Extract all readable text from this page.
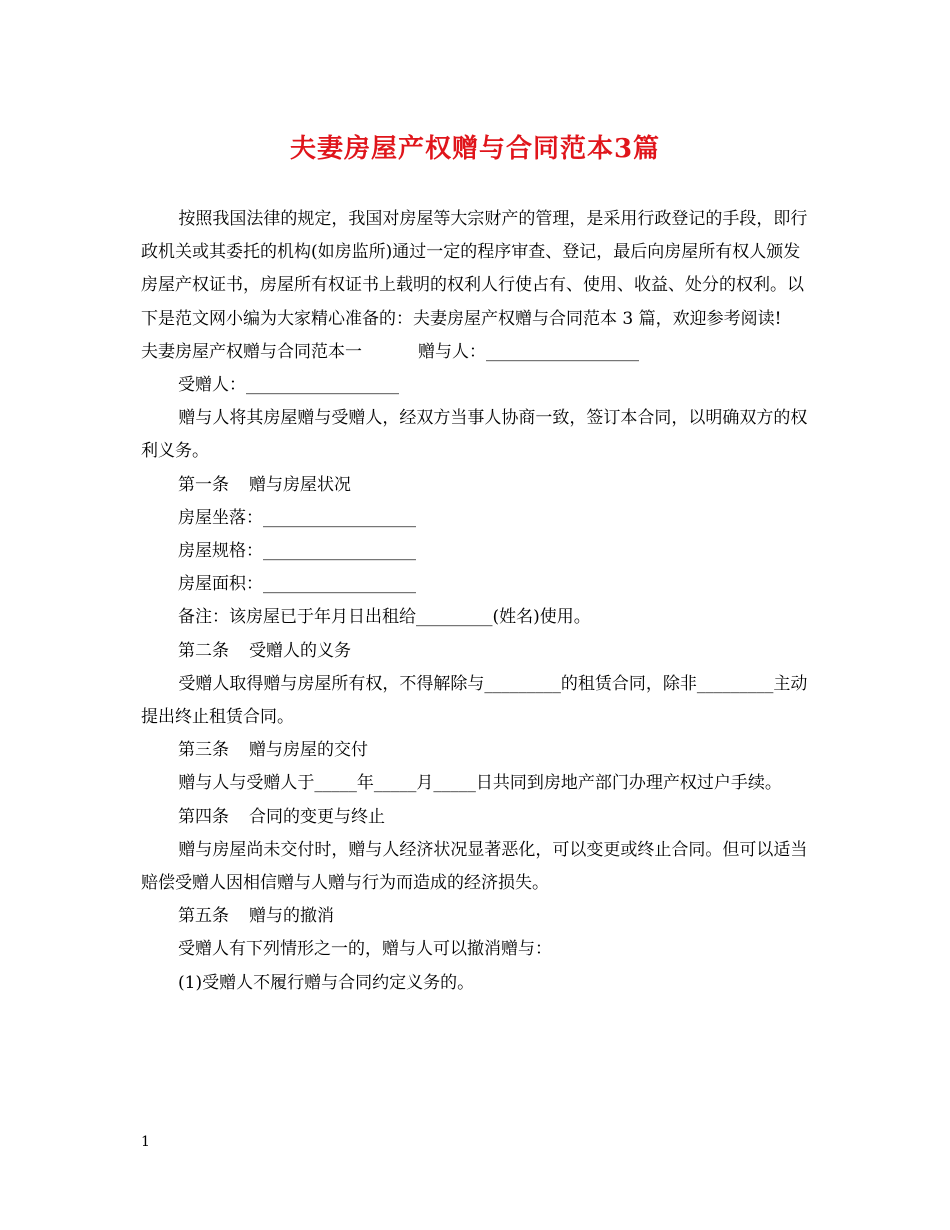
夫妻房屋产权赠与合同范本3篇

按照我国法律的规定，我国对房屋等大宗财产的管理，是采用行政登记的手段，即行政机关或其委托的机构(如房监所)通过一定的程序审查、登记，最后向房屋所有权人颁发房屋产权证书，房屋所有权证书上载明的权利人行使占有、使用、收益、处分的权利。以下是范文网小编为大家精心准备的：夫妻房屋产权赠与合同范本 3 篇，欢迎参考阅读!

夫妻房屋产权赠与合同范本一	赠与人：__________________

受赠人：__________________

赠与人将其房屋赠与受赠人，经双方当事人协商一致，签订本合同，以明确双方的权利义务。

第一条 赠与房屋状况

房屋坐落：__________________

房屋规格：__________________

房屋面积：__________________

备注：该房屋已于年月日出租给_________(姓名)使用。

第二条 受赠人的义务

受赠人取得赠与房屋所有权，不得解除与_________的租赁合同，除非_________主动提出终止租赁合同。

第三条 赠与房屋的交付

赠与人与受赠人于_____年_____月_____日共同到房地产部门办理产权过户手续。

第四条 合同的变更与终止

赠与房屋尚未交付时，赠与人经济状况显著恶化，可以变更或终止合同。但可以适当赔偿受赠人因相信赠与人赠与行为而造成的经济损失。

第五条 赠与的撤消

受赠人有下列情形之一的，赠与人可以撤消赠与：

(1)受赠人不履行赠与合同约定义务的。

1
